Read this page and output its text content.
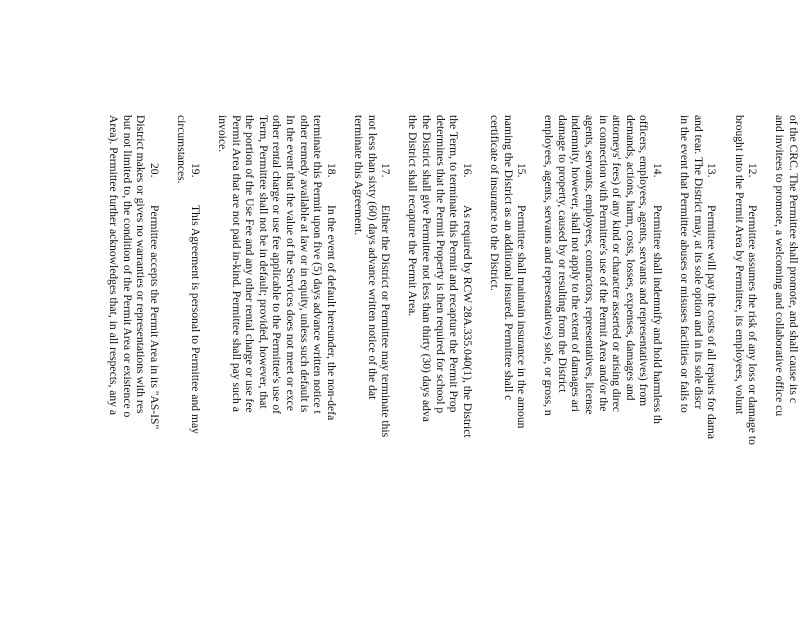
of the CRC. The Permittee shall promote, and shall cause its c
and invitees to promote, a welcoming and collaborative office cu

12.Permittee assumes the risk of any loss or damage to
brought into the Permit Area by Permittee, its employees, volunt

13.Permittee will pay the costs of all repairs for dama
and tear. The District may, at its sole option and in its sole discr
in the event that Permittee abuses or misuses facilities or fails to

14.Permittee shall indemnify and hold harmless th
officers, employees, agents, servants and representatives) from
demands, actions, harm, costs, losses, expenses, damages and
attorneys' fees) of any kind or character asserted or arising direc
in connection with Permittee's use of the Permit Area and/or the
agents, servants, employees, contractors, representatives, license
indemnity, however, shall not apply to the extent of damages ari
damage to property, caused by or resulting from the District
employees, agents, servants and representatives) sole, or gross, n

15.Permittee shall maintain insurance in the amoun
naming the District as an additional insured. Permittee shall c
certificate of insurance to the District.

16.As required by RCW 28A.335.040(1), the District
the Term, to terminate this Permit and recapture the Permit Prop
determines that the Permit Property is then required for school p
the District shall give Permittee not less than thirty (30) days adva
the District shall recapture the Permit Area.

17.Either the District or Permittee may terminate this
not less than sixty (60) days advance written notice of the dat
terminate this Agreement.

18.In the event of default hereunder, the non-defa
terminate this Permit upon five (5) days advance written notice t
other remedy available at law or in equity, unless such default is
In the event that the value of the Services does not meet or exce
other rental charge or use fee applicable to the Permittee's use of
Term, Permittee shall not be in default; provided, however, that
the portion of the Use Fee and any other rental charge or use fee
Permit Area that are not paid in-kind. Permittee shall pay such a
invoice.

19.This Agreement is personal to Permittee and may
circumstances.

20.Permittee accepts the Permit Area in its "AS-IS"
District makes or gives no warranties or representations with res
but not limited to, the condition of the Permit Area or existence o
Area). Permittee further acknowledges that, in all respects, any a
